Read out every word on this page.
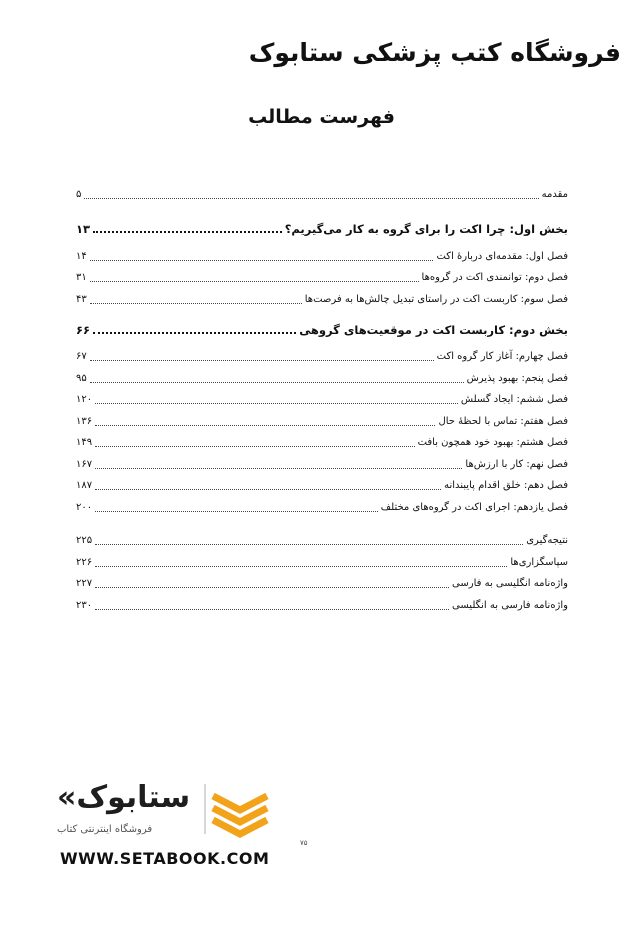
فروشگاه کتب پزشکی ستابوک
فهرست مطالب
مقدمه
۵
بخش اول: چرا اکت را برای گروه به کار می‌گیریم؟
۱۳
فصل اول: مقدمه‌ای دربارۀ اکت
۱۴
فصل دوم: توانمندی اکت در گروه‌ها
۳۱
فصل سوم: کاربست اکت در راستای تبدیل چالش‌ها به فرصت‌ها
۴۳
بخش دوم: کاربست اکت در موقعیت‌های گروهی
۶۶
فصل چهارم: آغاز کار گروه اکت
۶۷
فصل پنجم: بهبود پذیرش
۹۵
فصل ششم: ایجاد گسلش
۱۲۰
فصل هفتم: تماس با لحظۀ حال
۱۳۶
فصل هشتم: بهبود خود همچون بافت
۱۴۹
فصل نهم: کار با ارزش‌ها
۱۶۷
فصل دهم: خلق اقدام پایبندانه
۱۸۷
فصل یازدهم: اجرای اکت در گروه‌های مختلف
۲۰۰
نتیجه‌گیری
۲۲۵
سپاسگزاری‌ها
۲۲۶
واژه‌نامه انگلیسی به فارسی
۲۲۷
واژه‌نامه فارسی به انگلیسی
۲۳۰
ستابوک»
فروشگاه اینترنتی کتاب
WWW.SETABOOK.COM
۷۵
